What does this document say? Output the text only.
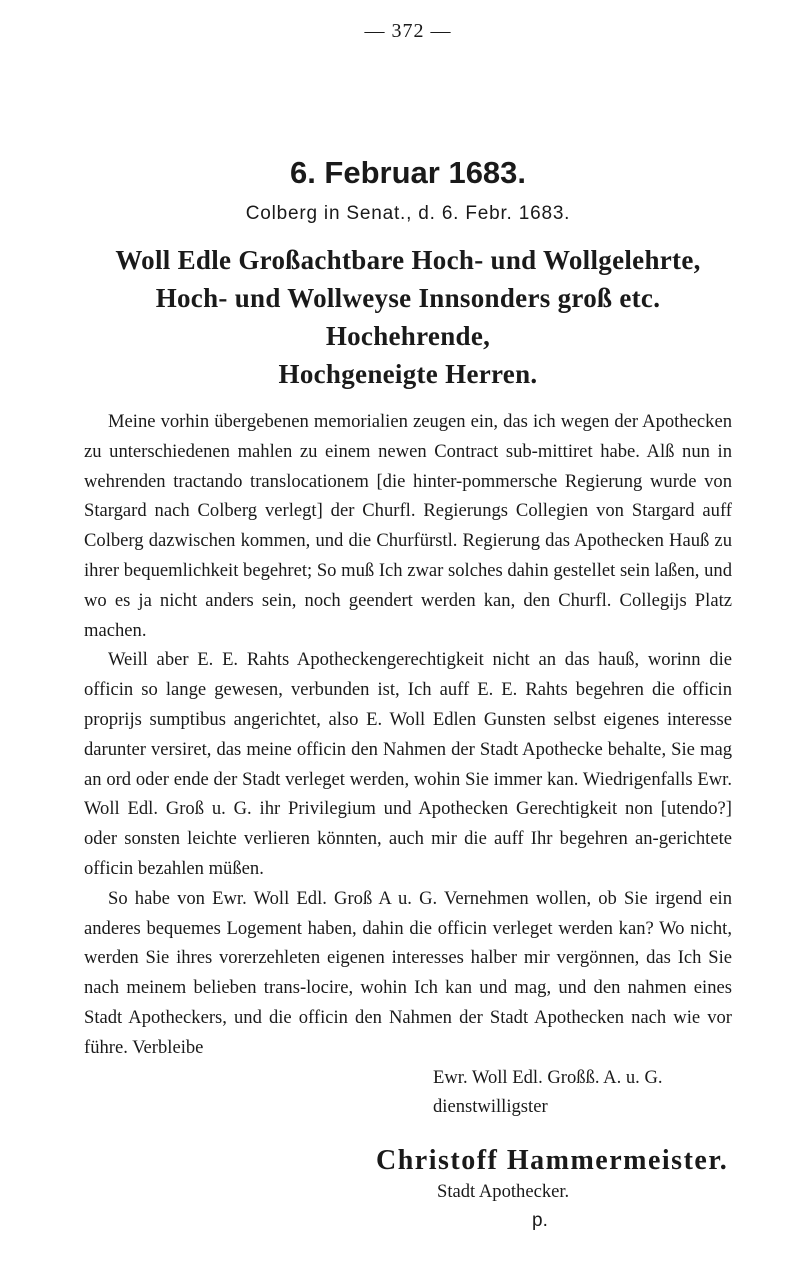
— 372 —
6. Februar 1683.
Colberg in Senat., d. 6. Febr. 1683.
Woll Edle Großachtbare Hoch- und Wollgelehrte,
Hoch- und Wollweyse Innsonders groß etc. Hochehrende,
Hochgeneigte Herren.

Meine vorhin übergebenen memorialien zeugen ein, das ich wegen der Apothecken zu unterschiedenen mahlen zu einem newen Contract sub-mittiret habe. Alß nun in wehrenden tractando translocationem [die hinter-pommersche Regierung wurde von Stargard nach Colberg verlegt] der Churfl. Regierungs Collegien von Stargard auff Colberg dazwischen kommen, und die Churfürstl. Regierung das Apothecken Hauß zu ihrer bequemlichkeit begehret; So muß Ich zwar solches dahin gestellet sein laßen, und wo es ja nicht anders sein, noch geendert werden kan, den Churfl. Collegijs Platz machen.

Weill aber E. E. Rahts Apotheckengerechtigkeit nicht an das hauß, worinn die officin so lange gewesen, verbunden ist, Ich auff E. E. Rahts begehren die officin proprijs sumptibus angerichtet, also E. Woll Edlen Gunsten selbst eigenes interesse darunter versiret, das meine officin den Nahmen der Stadt Apothecke behalte, Sie mag an ord oder ende der Stadt verleget werden, wohin Sie immer kan. Wiedrigenfalls Ewr. Woll Edl. Groß u. G. ihr Privilegium und Apothecken Gerechtigkeit non [utendo?] oder sonsten leichte verlieren könnten, auch mir die auff Ihr begehren an-gerichtete officin bezahlen müßen.

So habe von Ewr. Woll Edl. Groß A u. G. Vernehmen wollen, ob Sie irgend ein anderes bequemes Logement haben, dahin die officin verleget werden kan? Wo nicht, werden Sie ihres vorerzehleten eigenen interesses halber mir vergönnen, das Ich Sie nach meinem belieben trans-locire, wohin Ich kan und mag, und den nahmen eines Stadt Apotheckers, und die officin den Nahmen der Stadt Apothecken nach wie vor führe. Verbleibe

Ewr. Woll Edl. Großß. A. u. G.
dienstwilligster
Christoff Hammermeister.
Stadt Apothecker.
p.
